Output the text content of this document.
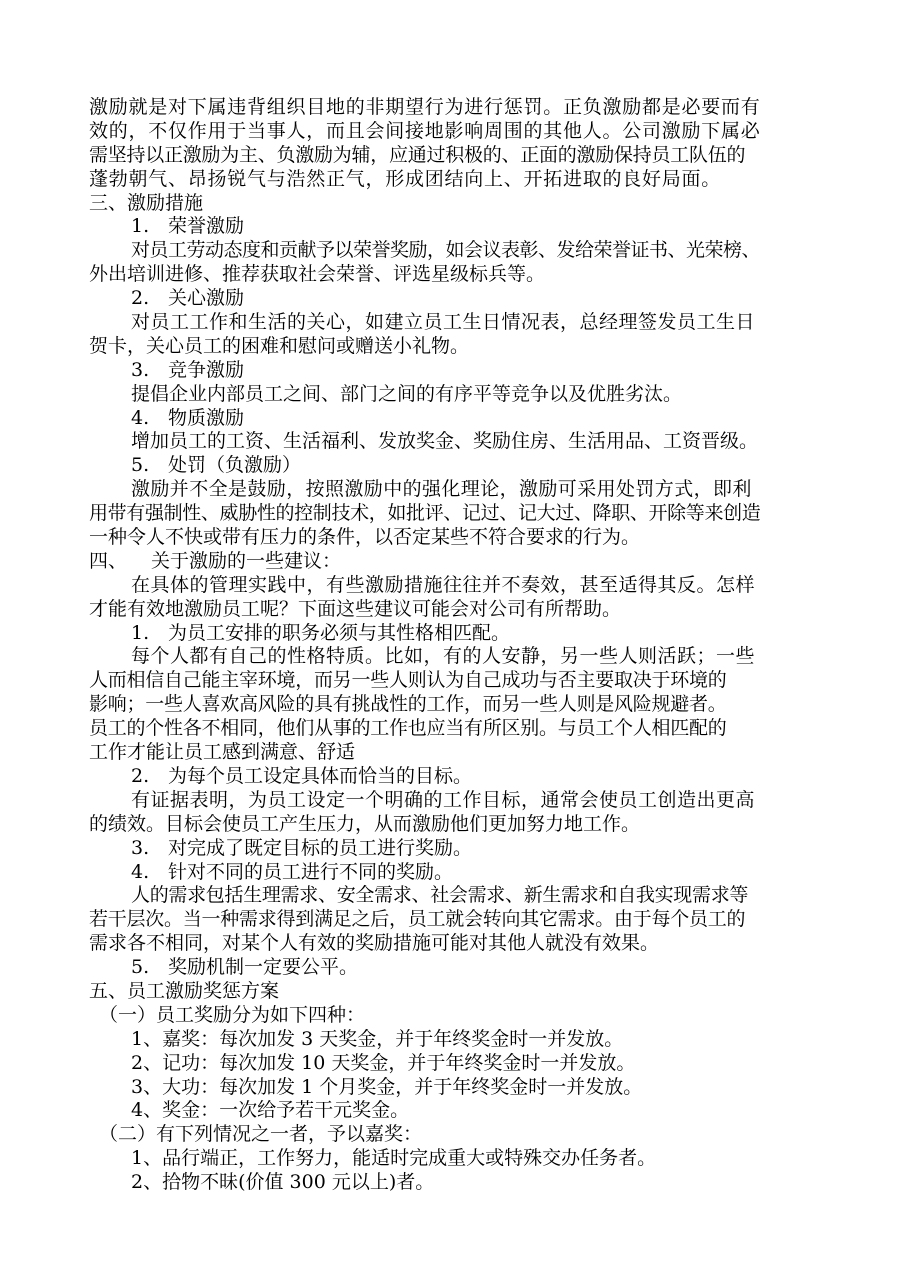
激励就是对下属违背组织目地的非期望行为进行惩罚。正负激励都是必要而有
效的，不仅作用于当事人，而且会间接地影响周围的其他人。公司激励下属必
需坚持以正激励为主、负激励为辅，应通过积极的、正面的激励保持员工队伍的
蓬勃朝气、昂扬锐气与浩然正气，形成团结向上、开拓进取的良好局面。
三、激励措施
1. 荣誉激励
对员工劳动态度和贡献予以荣誉奖励，如会议表彰、发给荣誉证书、光荣榜、
外出培训进修、推荐获取社会荣誉、评选星级标兵等。
2. 关心激励
对员工工作和生活的关心，如建立员工生日情况表，总经理签发员工生日
贺卡，关心员工的困难和慰问或赠送小礼物。
3. 竞争激励
提倡企业内部员工之间、部门之间的有序平等竞争以及优胜劣汰。
4. 物质激励
增加员工的工资、生活福利、发放奖金、奖励住房、生活用品、工资晋级。
5. 处罚（负激励）
激励并不全是鼓励，按照激励中的强化理论，激励可采用处罚方式，即利
用带有强制性、威胁性的控制技术，如批评、记过、记大过、降职、开除等来创造
一种令人不快或带有压力的条件，以否定某些不符合要求的行为。
四、 关于激励的一些建议：
在具体的管理实践中，有些激励措施往往并不奏效，甚至适得其反。怎样
才能有效地激励员工呢？下面这些建议可能会对公司有所帮助。
1. 为员工安排的职务必须与其性格相匹配。
每个人都有自己的性格特质。比如，有的人安静，另一些人则活跃；一些
人而相信自己能主宰环境，而另一些人则认为自己成功与否主要取决于环境的
影响；一些人喜欢高风险的具有挑战性的工作，而另一些人则是风险规避者。
员工的个性各不相同，他们从事的工作也应当有所区别。与员工个人相匹配的
工作才能让员工感到满意、舒适
2. 为每个员工设定具体而恰当的目标。
有证据表明，为员工设定一个明确的工作目标，通常会使员工创造出更高
的绩效。目标会使员工产生压力，从而激励他们更加努力地工作。
3. 对完成了既定目标的员工进行奖励。
4. 针对不同的员工进行不同的奖励。
人的需求包括生理需求、安全需求、社会需求、新生需求和自我实现需求等
若干层次。当一种需求得到满足之后，员工就会转向其它需求。由于每个员工的
需求各不相同，对某个人有效的奖励措施可能对其他人就没有效果。
5. 奖励机制一定要公平。
五、员工激励奖惩方案
（一）员工奖励分为如下四种：
1、嘉奖：每次加发 3 天奖金，并于年终奖金时一并发放。
2、记功：每次加发 10 天奖金，并于年终奖金时一并发放。
3、大功：每次加发 1 个月奖金，并于年终奖金时一并发放。
4、奖金：一次给予若干元奖金。
（二）有下列情况之一者，予以嘉奖：
1、品行端正，工作努力，能适时完成重大或特殊交办任务者。
2、拾物不昧(价值 300 元以上)者。
